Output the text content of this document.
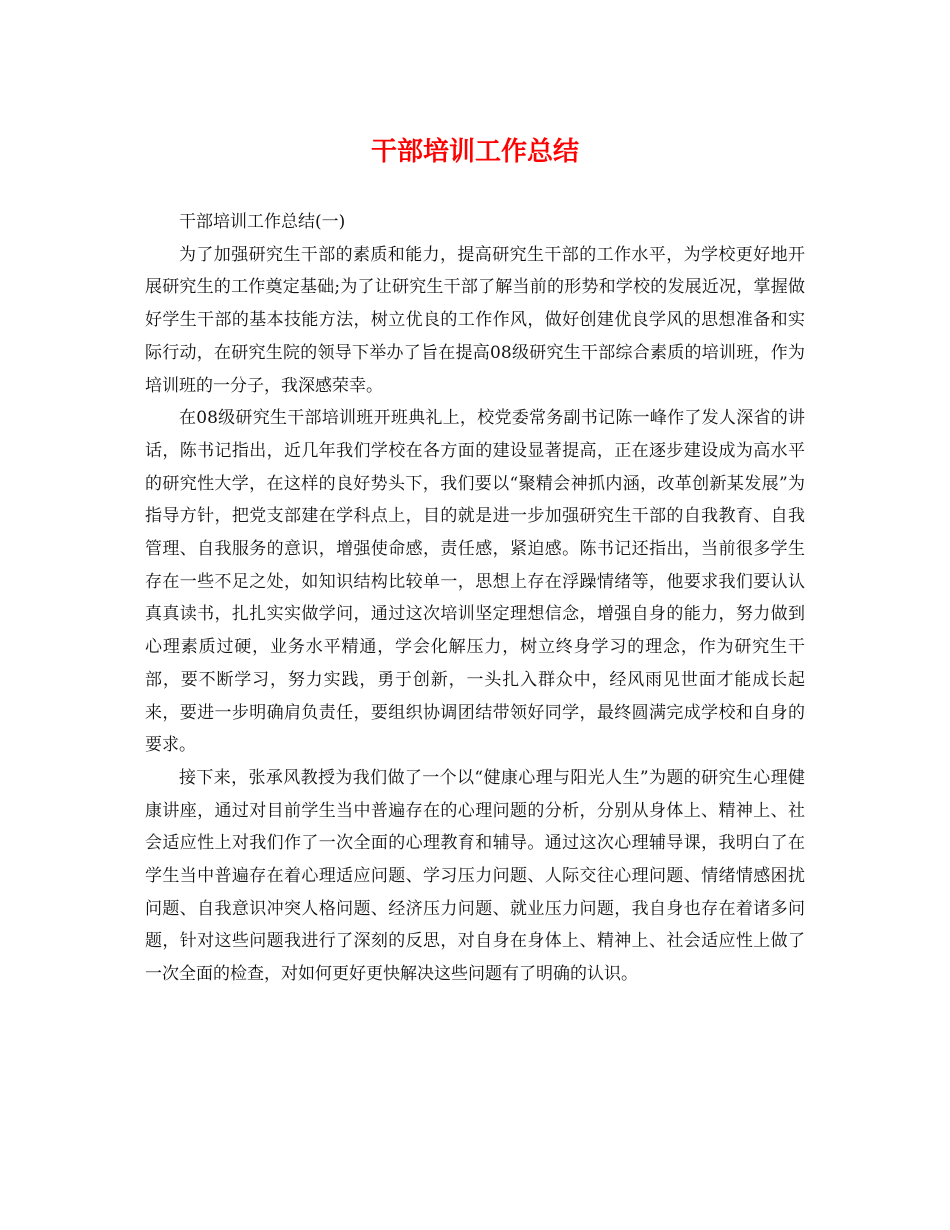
干部培训工作总结

干部培训工作总结(一)

为了加强研究生干部的素质和能力，提高研究生干部的工作水平，为学校更好地开展研究生的工作奠定基础;为了让研究生干部了解当前的形势和学校的发展近况，掌握做好学生干部的基本技能方法，树立优良的工作作风，做好创建优良学风的思想准备和实际行动，在研究生院的领导下举办了旨在提高08级研究生干部综合素质的培训班，作为培训班的一分子，我深感荣幸。

在08级研究生干部培训班开班典礼上，校党委常务副书记陈一峰作了发人深省的讲话，陈书记指出，近几年我们学校在各方面的建设显著提高，正在逐步建设成为高水平的研究性大学，在这样的良好势头下，我们要以“聚精会神抓内涵，改革创新某发展”为指导方针，把党支部建在学科点上，目的就是进一步加强研究生干部的自我教育、自我管理、自我服务的意识，增强使命感，责任感，紧迫感。陈书记还指出，当前很多学生存在一些不足之处，如知识结构比较单一，思想上存在浮躁情绪等，他要求我们要认认真真读书，扎扎实实做学问，通过这次培训坚定理想信念，增强自身的能力，努力做到心理素质过硬，业务水平精通，学会化解压力，树立终身学习的理念，作为研究生干部，要不断学习，努力实践，勇于创新，一头扎入群众中，经风雨见世面才能成长起来，要进一步明确肩负责任，要组织协调团结带领好同学，最终圆满完成学校和自身的要求。

接下来，张承风教授为我们做了一个以“健康心理与阳光人生”为题的研究生心理健康讲座，通过对目前学生当中普遍存在的心理问题的分析，分别从身体上、精神上、社会适应性上对我们作了一次全面的心理教育和辅导。通过这次心理辅导课，我明白了在学生当中普遍存在着心理适应问题、学习压力问题、人际交往心理问题、情绪情感困扰问题、自我意识冲突人格问题、经济压力问题、就业压力问题，我自身也存在着诸多问题，针对这些问题我进行了深刻的反思，对自身在身体上、精神上、社会适应性上做了一次全面的检查，对如何更好更快解决这些问题有了明确的认识。
